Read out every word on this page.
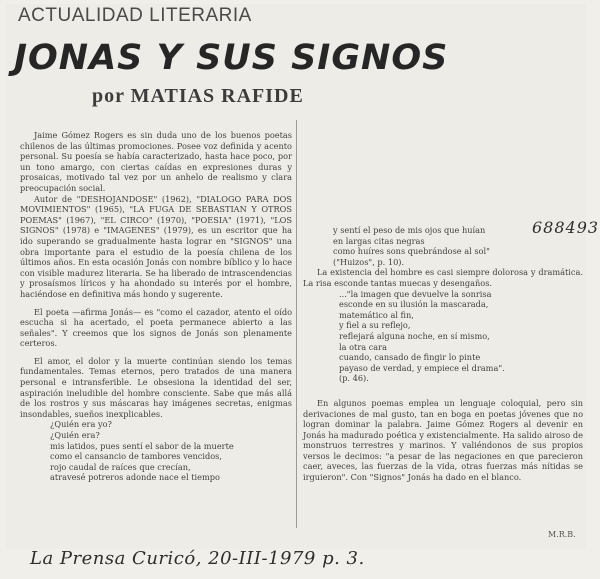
ACTUALIDAD LITERARIA
JONAS Y SUS SIGNOS
por MATIAS RAFIDE

Jaime Gómez Rogers es sin duda uno de los buenos poetas chilenos de las últimas promociones. Posee voz definida y acento personal. Su poesía se había caracterizado, hasta hace poco, por un tono amargo, con ciertas caídas en expresiones duras y prosaicas, motivado tal vez por un anhelo de realismo y clara preocupación social.

Autor de "DESHOJANDOSE" (1962), "DIALOGO PARA DOS MOVIMIENTOS" (1965), "LA FUGA DE SEBASTIAN Y OTROS POEMAS" (1967), "EL CIRCO" (1970), "POESIA" (1971), "LOS SIGNOS" (1978) e "IMAGENES" (1979), es un escritor que ha ido superando se gradualmente hasta lograr en "SIGNOS" una obra importante para el estudio de la poesía chilena de los últimos años. En esta ocasión Jonás con nombre bíblico y lo hace con visible madurez literaria. Se ha liberado de intrascendencias y prosaísmos líricos y ha ahondado su interés por el hombre, haciéndose en definitiva más hondo y sugerente.

El poeta —afirma Jonás— es "como el cazador, atento el oído escucha si ha acertado, el poeta permanece abierto a las señales". Y creemos que los signos de Jonás son plenamente certeros.

El amor, el dolor y la muerte continúan siendo los temas fundamentales. Temas eternos, pero tratados de una manera personal e intransferible. Le obsesiona la identidad del ser, aspiración ineludible del hombre consciente. Sabe que más allá de los rostros y sus máscaras hay imágenes secretas, enigmas insondables, sueños inexplicables.

¿Quién era yo?

¿Quién era?

mis latidos, pues sentí el sabor de la muerte

como el cansancio de tambores vencidos,

rojo caudal de raíces que crecían,

atravesé potreros adonde nace el tiempo

y sentí el peso de mis ojos que huían

en largas citas negras

como huíres sons quebrándose al sol"

("Huizos", p. 10).

La existencia del hombre es casi siempre dolorosa y dramática. La risa esconde tantas muecas y desengaños.

..."la imagen que devuelve la sonrisa

esconde en su ilusión la mascarada,

matemático al fin,

y fiel a su reflejo,

reflejará alguna noche, en sí mismo,

la otra cara

cuando, cansado de fingir lo pinte

payaso de verdad, y empiece el drama".

(p. 46).

En algunos poemas emplea un lenguaje coloquial, pero sin derivaciones de mal gusto, tan en boga en poetas jóvenes que no logran dominar la palabra. Jaime Gómez Rogers al devenir en Jonás ha madurado poética y existencialmente. Ha salido airoso de monstruos terrestres y marinos. Y valiéndonos de sus propios versos le decimos: "a pesar de las negaciones en que parecieron caer, aveces, las fuerzas de la vida, otras fuerzas más nítidas se irguieron". Con "Signos" Jonás ha dado en el blanco.

M.R.B.
688493
La Prensa Curicó, 20-III-1979 p. 3.
